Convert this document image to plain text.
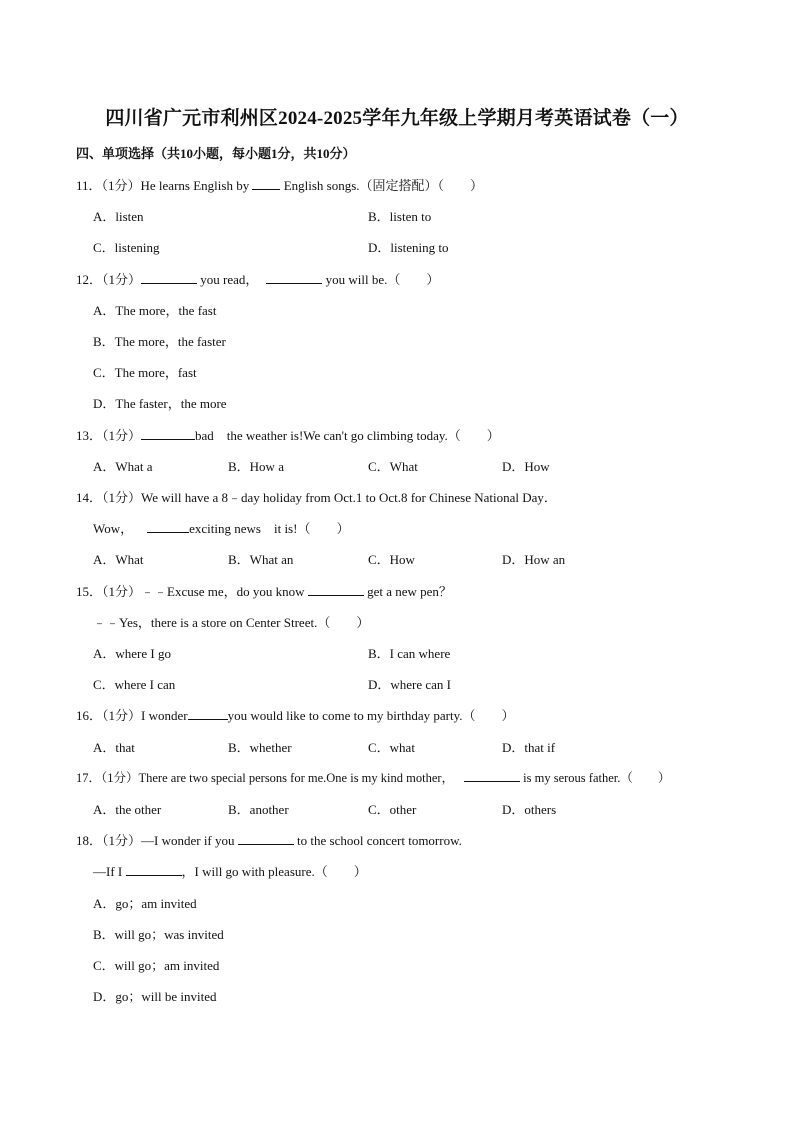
四川省广元市利州区2024-2025学年九年级上学期月考英语试卷（一）
四、单项选择（共10小题，每小题1分，共10分）
11．（1分）He learns English by  English songs.（固定搭配）（　　）
A．listen	B．listen to
C．listening	D．listening to
12．（1分）	you read，	you will be.（　　）
A．The more，the fast
B．The more，the faster
C．The more，fast
D．The faster，the more
13．（1分）	bad　the weather is!We can't go climbing today.（　　）
A．What a	B．How a	C．What	D．How
14．（1分）We will have a 8﹣day holiday from Oct.1 to Oct.8 for Chinese National Day．
Wow，	exciting news　it is!（　　）
A．What	B．What an	C．How	D．How an
15．（1分）﹣﹣Excuse me，do you know	get a new pen？
﹣﹣Yes，there is a store on Center Street.（　　）
A．where I go	B．I can where
C．where I can	D．where can I
16．（1分）I wonder	you would like to come to my birthday party.（　　）
A．that	B．whether	C．what	D．that if
17．（1分）There are two special persons for me.One is my kind mother，	is my serous father.（　　）
A．the other	B．another	C．other	D．others
18．（1分）—I wonder if you	to the school concert tomorrow.
—If I	，I will go with pleasure.（　　）
A．go；am invited
B．will go；was invited
C．will go；am invited
D．go；will be invited
